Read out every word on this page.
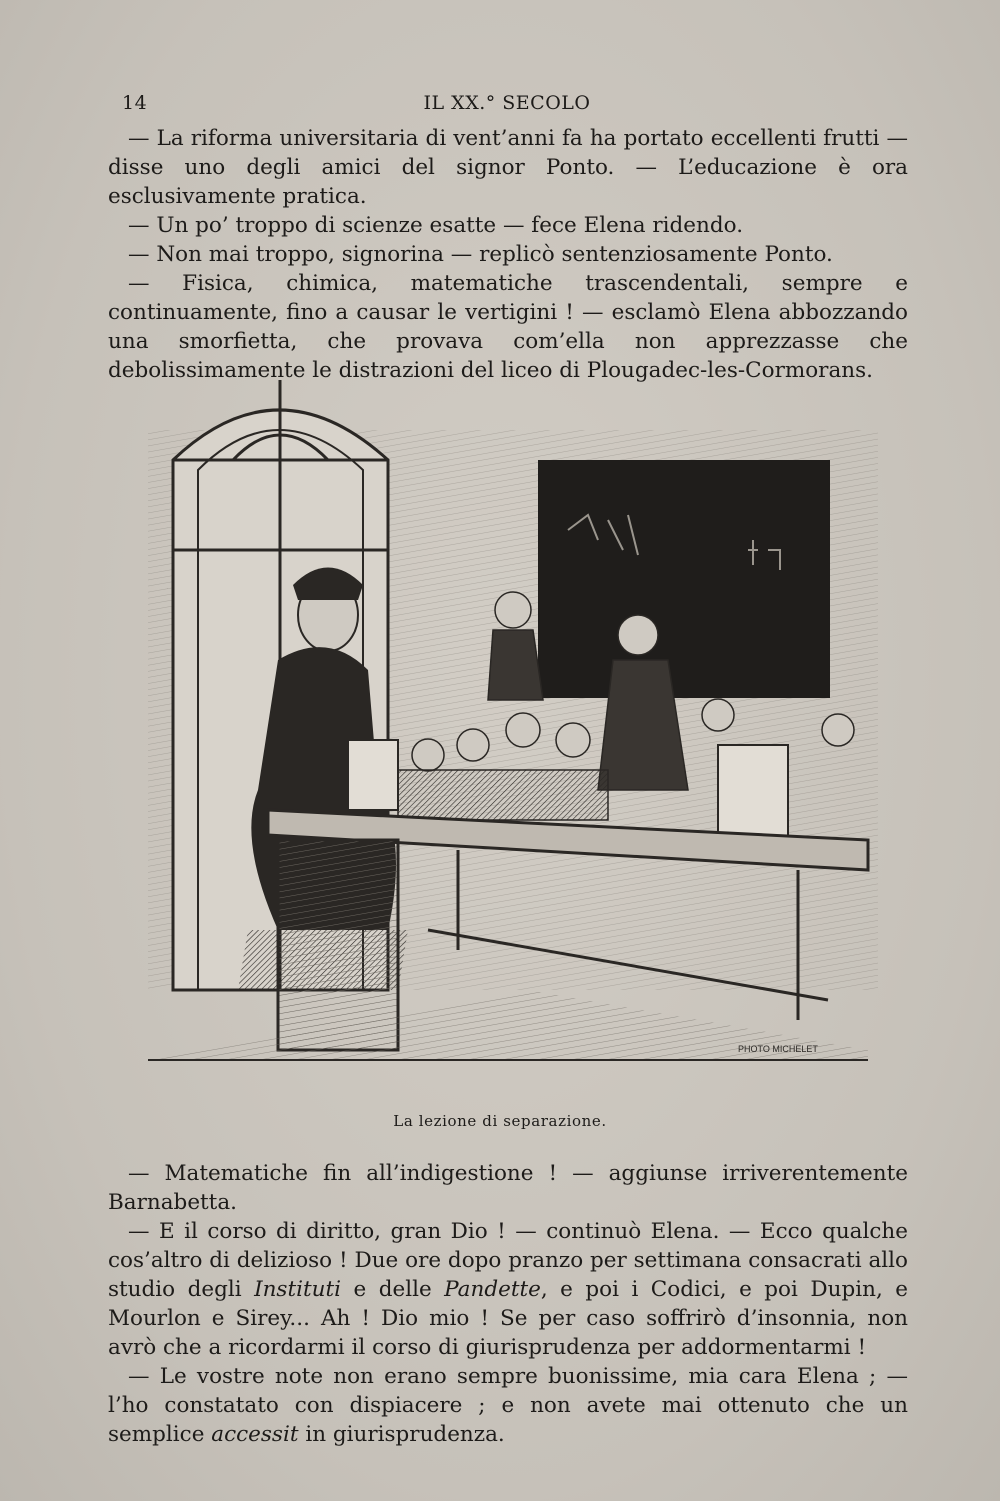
14	IL XX.° SECOLO

— La riforma universitaria di vent’anni fa ha portato eccellenti frutti — disse uno degli amici del signor Ponto. — L’educazione è ora esclusivamente pratica.

— Un po’ troppo di scienze esatte — fece Elena ridendo.

— Non mai troppo, signorina — replicò sentenziosamente Ponto.

— Fisica, chimica, matematiche trascendentali, sempre e continuamente, fino a causar le vertigini ! — esclamò Elena abbozzando una smorfietta, che provava com’ella non apprezzasse che debolissimamente le distrazioni del liceo di Plougadec-les-Cormorans.

PHOTO MICHELET
La lezione di separazione.

— Matematiche fin all’indigestione ! — aggiunse irriverentemente Barnabetta.

— E il corso di diritto, gran Dio ! — continuò Elena. — Ecco qualche cos’altro di delizioso ! Due ore dopo pranzo per settimana consacrati allo studio degli Instituti e delle Pandette, e poi i Codici, e poi Dupin, e Mourlon e Sirey... Ah ! Dio mio ! Se per caso soffrirò d’insonnia, non avrò che a ricordarmi il corso di giurisprudenza per addormentarmi !

— Le vostre note non erano sempre buonissime, mia cara Elena ; — l’ho constatato con dispiacere ; e non avete mai ottenuto che un semplice accessit in giurisprudenza.
